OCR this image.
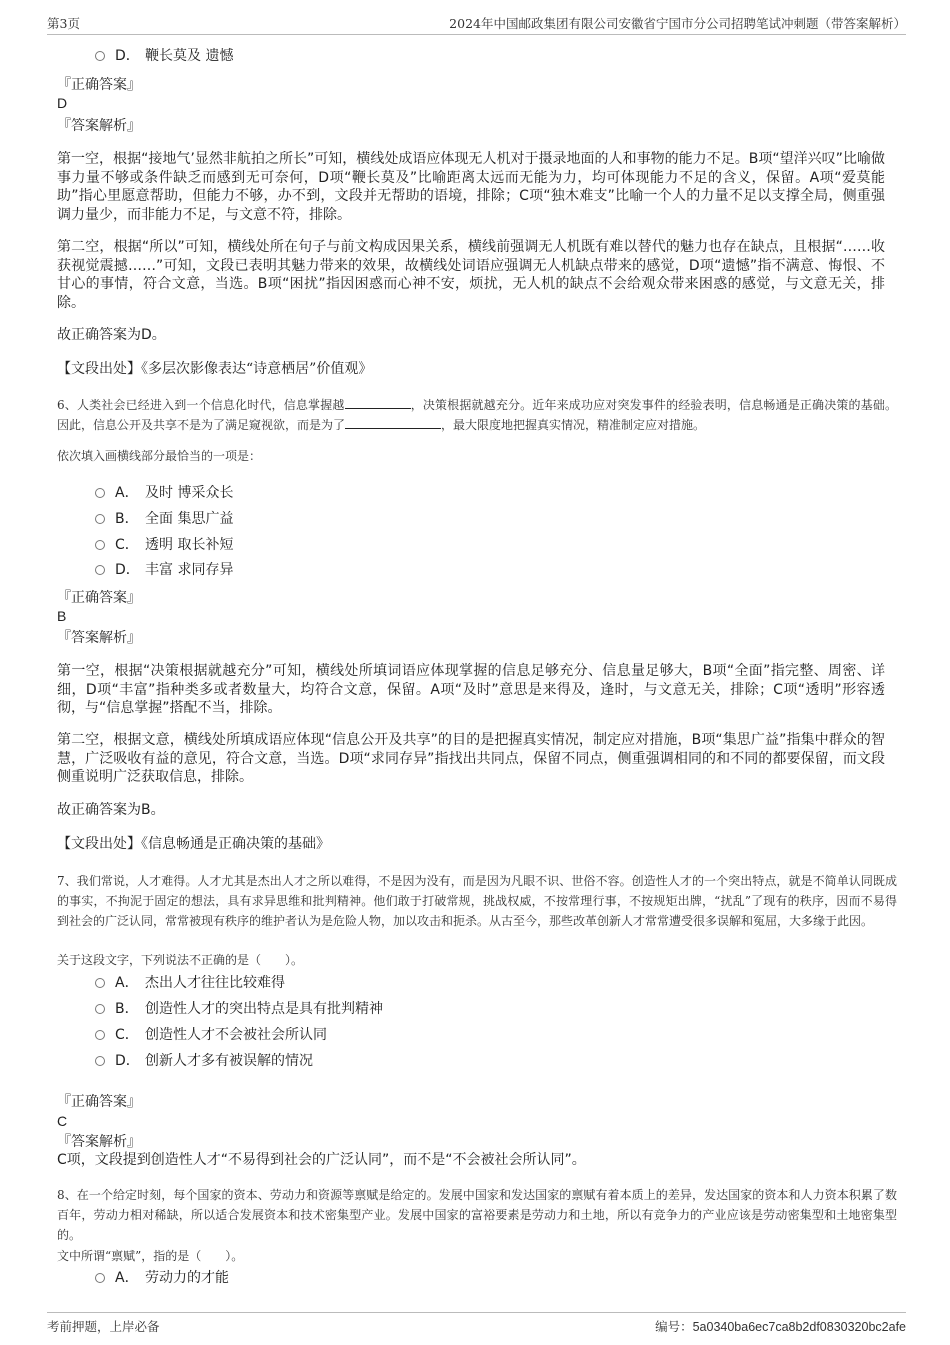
第3页	2024年中国邮政集团有限公司安徽省宁国市分公司招聘笔试冲刺题（带答案解析）
D． 鞭长莫及 遗憾
『正确答案』
D
『答案解析』
第一空，根据“接地气’显然非航拍之所长”可知，横线处成语应体现无人机对于摄录地面的人和事物的能力不足。B项“望洋兴叹”比喻做事力量不够或条件缺乏而感到无可奈何，D项“鞭长莫及”比喻距离太远而无能为力，均可体现能力不足的含义，保留。A项“爱莫能助”指心里愿意帮助，但能力不够，办不到，文段并无帮助的语境，排除；C项“独木难支”比喻一个人的力量不足以支撑全局，侧重强调力量少，而非能力不足，与文意不符，排除。
第二空，根据“所以”可知，横线处所在句子与前文构成因果关系，横线前强调无人机既有难以替代的魅力也存在缺点，且根据“……收获视觉震撼……”可知，文段已表明其魅力带来的效果，故横线处词语应强调无人机缺点带来的感觉，D项“遗憾”指不满意、悔恨、不甘心的事情，符合文意，当选。B项“困扰”指因困惑而心神不安，烦扰，无人机的缺点不会给观众带来困惑的感觉，与文意无关，排除。
故正确答案为D。
【文段出处】《多层次影像表达“诗意栖居”价值观》
6、人类社会已经进入到一个信息化时代，信息掌握越	，决策根据就越充分。近年来成功应对突发事件的经验表明，信息畅通是正确决策的基础。因此，信息公开及共享不是为了满足窥视欲，而是为了	，最大限度地把握真实情况，精准制定应对措施。
依次填入画横线部分最恰当的一项是：
A． 及时 博采众长
B． 全面 集思广益
C． 透明 取长补短
D． 丰富 求同存异
『正确答案』
B
『答案解析』
第一空，根据“决策根据就越充分”可知，横线处所填词语应体现掌握的信息足够充分、信息量足够大，B项“全面”指完整、周密、详细，D项“丰富”指种类多或者数量大，均符合文意，保留。A项“及时”意思是来得及，逢时，与文意无关，排除；C项“透明”形容透彻，与“信息掌握”搭配不当，排除。
第二空，根据文意，横线处所填成语应体现“信息公开及共享”的目的是把握真实情况，制定应对措施，B项“集思广益”指集中群众的智慧，广泛吸收有益的意见，符合文意，当选。D项“求同存异”指找出共同点，保留不同点，侧重强调相同的和不同的都要保留，而文段侧重说明广泛获取信息，排除。
故正确答案为B。
【文段出处】《信息畅通是正确决策的基础》
7、我们常说，人才难得。人才尤其是杰出人才之所以难得，不是因为没有，而是因为凡眼不识、世俗不容。创造性人才的一个突出特点，就是不简单认同既成的事实，不拘泥于固定的想法，具有求异思维和批判精神。他们敢于打破常规，挑战权威，不按常理行事，不按规矩出牌，“扰乱”了现有的秩序，因而不易得到社会的广泛认同，常常被现有秩序的维护者认为是危险人物，加以攻击和扼杀。从古至今，那些改革创新人才常常遭受很多误解和冤屈，大多缘于此因。
关于这段文字，下列说法不正确的是（　　）。
A． 杰出人才往往比较难得
B． 创造性人才的突出特点是具有批判精神
C． 创造性人才不会被社会所认同
D． 创新人才多有被误解的情况
『正确答案』
C
『答案解析』
C项，文段提到创造性人才“不易得到社会的广泛认同”，而不是“不会被社会所认同”。
8、在一个给定时刻，每个国家的资本、劳动力和资源等禀赋是给定的。发展中国家和发达国家的禀赋有着本质上的差异，发达国家的资本和人力资本积累了数百年，劳动力相对稀缺，所以适合发展资本和技术密集型产业。发展中国家的富裕要素是劳动力和土地，所以有竞争力的产业应该是劳动密集型和土地密集型的。
文中所谓“禀赋”，指的是（　　）。
A． 劳动力的才能
考前押题，上岸必备	编号：5a0340ba6ec7ca8b2df0830320bc2afe
